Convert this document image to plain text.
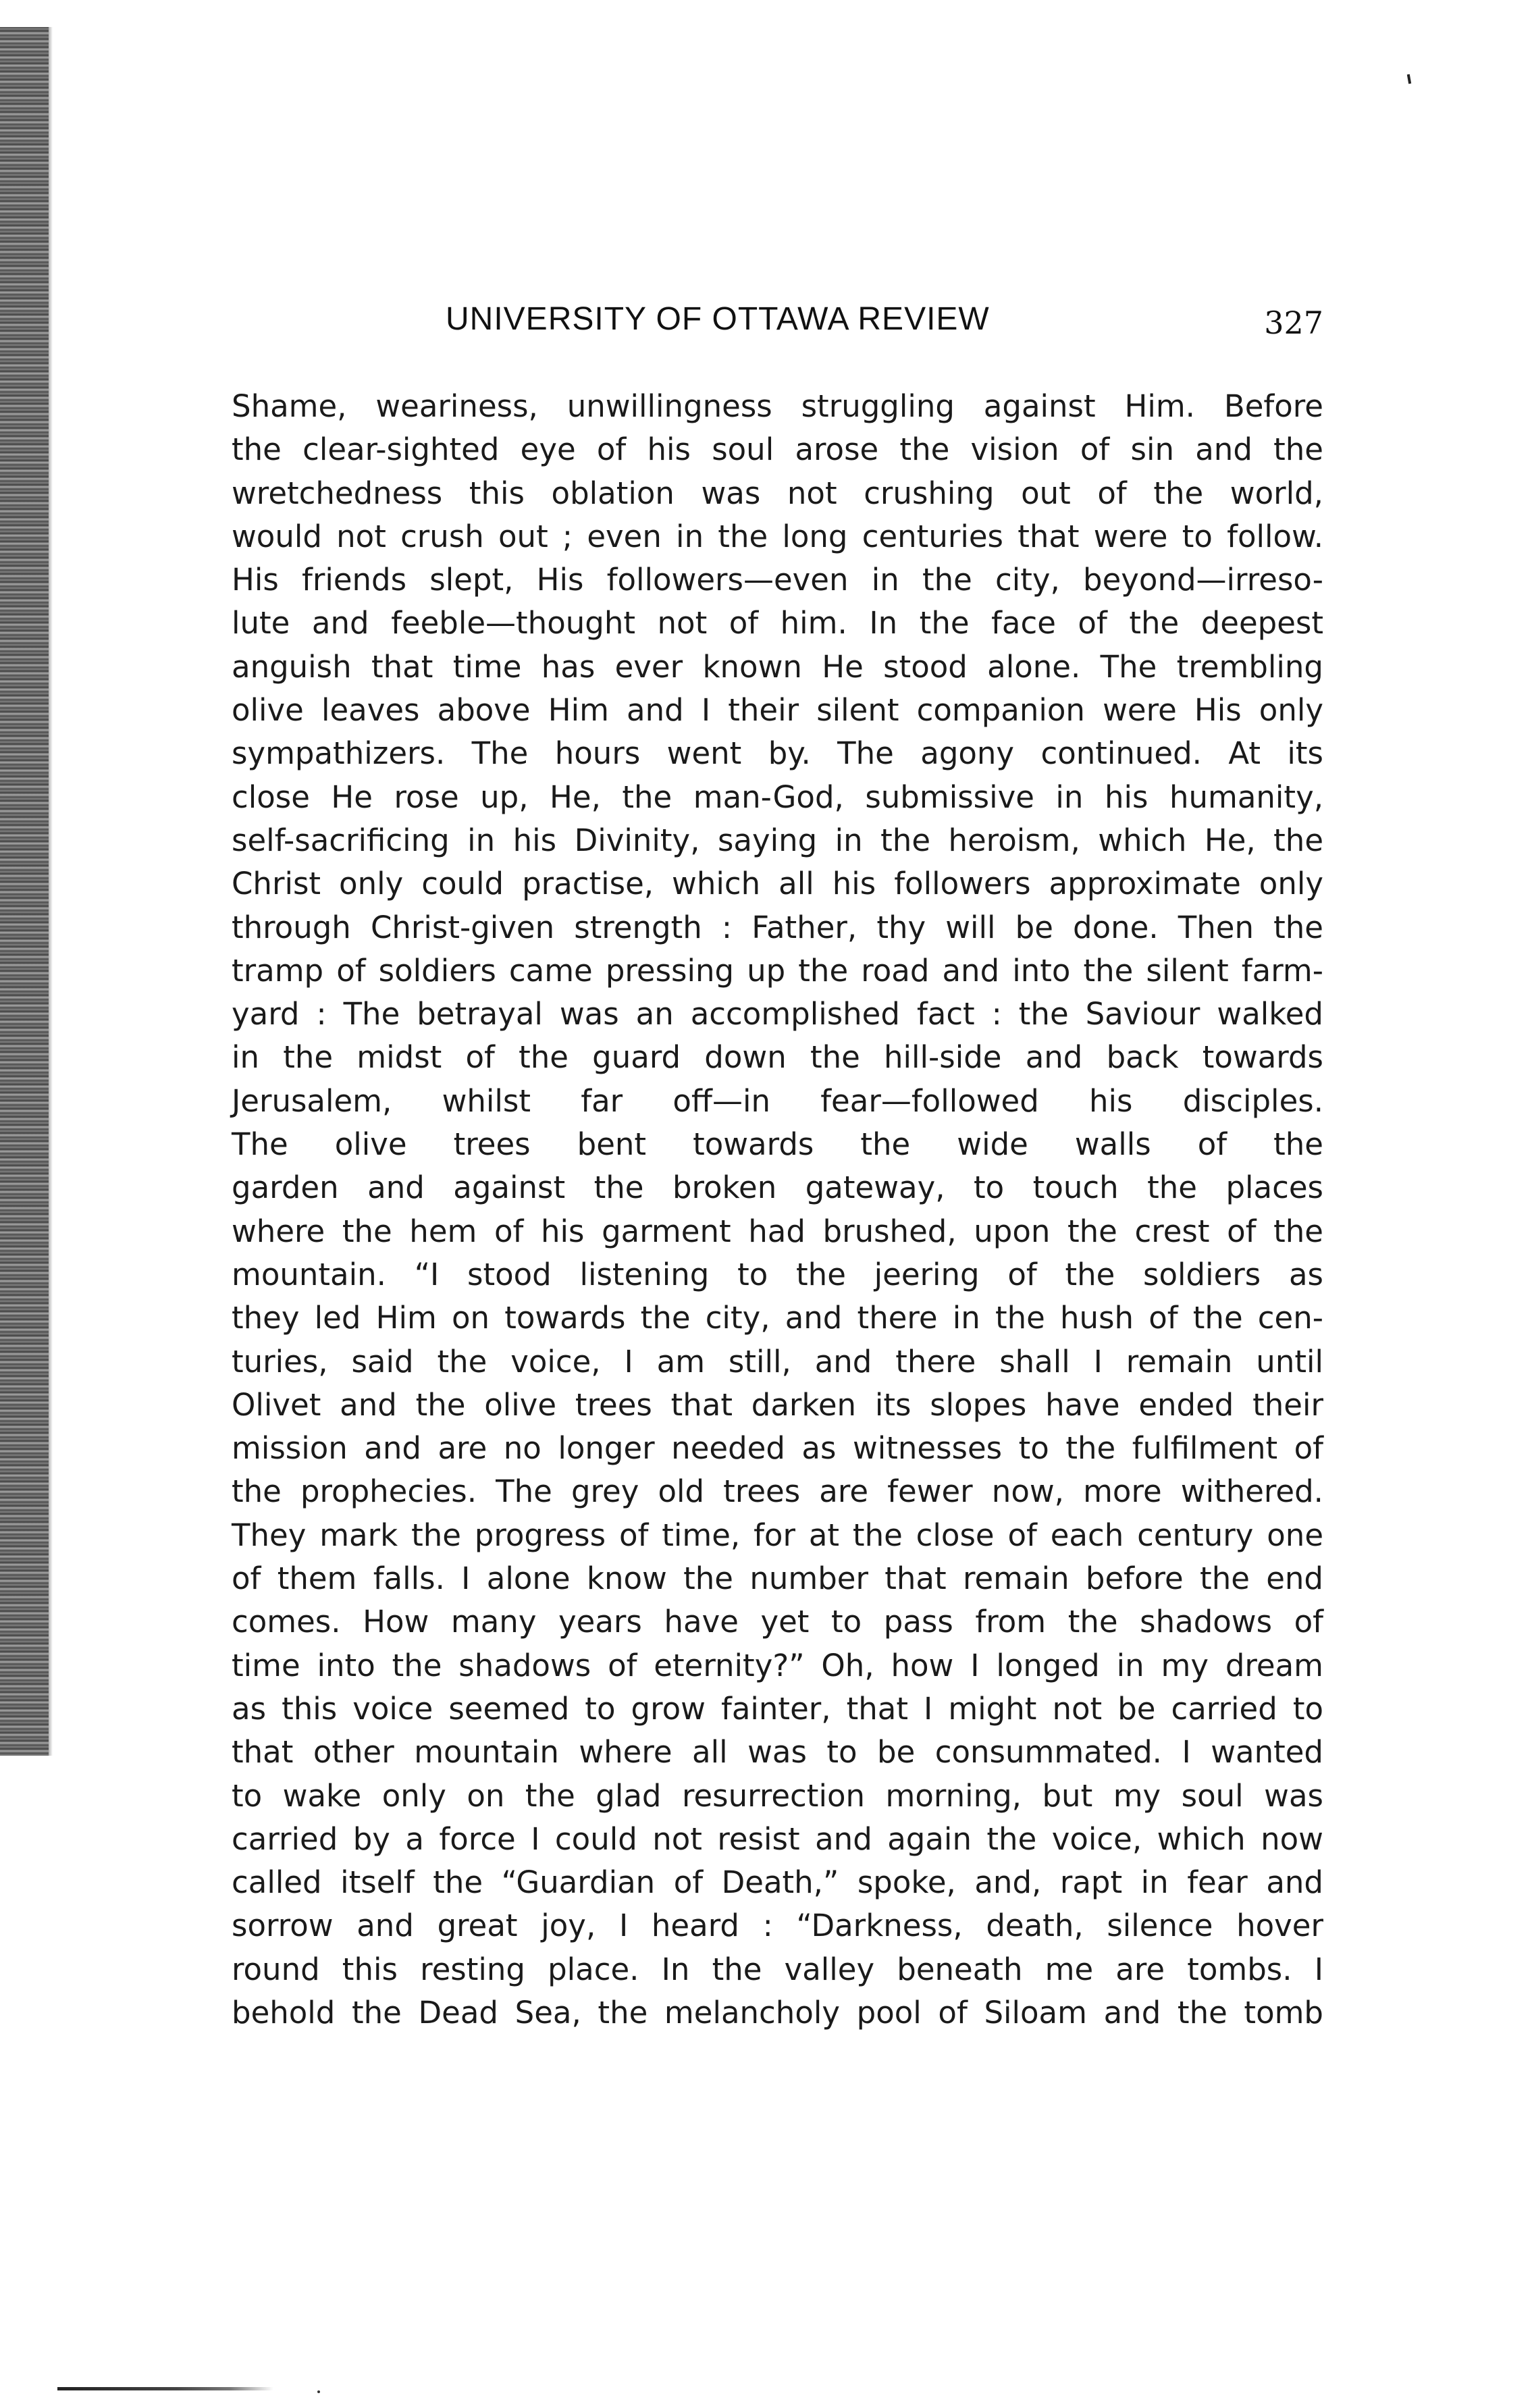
UNIVERSITY OF OTTAWA REVIEW	327
Shame, weariness, unwillingness struggling against Him. Before
the clear-sighted eye of his soul arose the vision of sin and the
wretchedness this oblation was not crushing out of the world,
would not crush out ; even in the long centuries that were to follow.
His friends slept, His followers—even in the city, beyond—irreso-
lute and feeble—thought not of him. In the face of the deepest
anguish that time has ever known He stood alone. The trembling
olive leaves above Him and I their silent companion were His only
sympathizers. The hours went by. The agony continued. At its
close He rose up, He, the man-God, submissive in his humanity,
self-sacrificing in his Divinity, saying in the heroism, which He, the
Christ only could practise, which all his followers approximate only
through Christ-given strength : Father, thy will be done. Then the
tramp of soldiers came pressing up the road and into the silent farm-
yard : The betrayal was an accomplished fact : the Saviour walked
in the midst of the guard down the hill-side and back towards
Jerusalem, whilst far off—in fear—followed his disciples.
The olive trees bent towards the wide walls of the
garden and against the broken gateway, to touch the places
where the hem of his garment had brushed, upon the crest of the
mountain. “I stood listening to the jeering of the soldiers as
they led Him on towards the city, and there in the hush of the cen-
turies, said the voice, I am still, and there shall I remain until
Olivet and the olive trees that darken its slopes have ended their
mission and are no longer needed as witnesses to the fulfilment of
the prophecies. The grey old trees are fewer now, more withered.
They mark the progress of time, for at the close of each century one
of them falls. I alone know the number that remain before the end
comes. How many years have yet to pass from the shadows of
time into the shadows of eternity?” Oh, how I longed in my dream
as this voice seemed to grow fainter, that I might not be carried to
that other mountain where all was to be consummated. I wanted
to wake only on the glad resurrection morning, but my soul was
carried by a force I could not resist and again the voice, which now
called itself the “Guardian of Death,” spoke, and, rapt in fear and
sorrow and great joy, I heard : “Darkness, death, silence hover
round this resting place. In the valley beneath me are tombs. I
behold the Dead Sea, the melancholy pool of Siloam and the tomb
